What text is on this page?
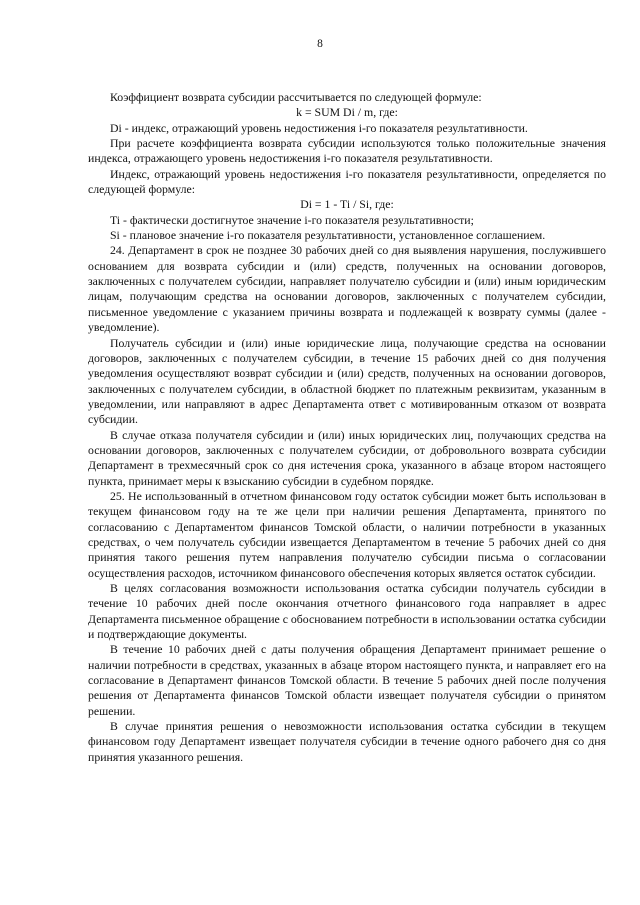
8

Коэффициент возврата субсидии рассчитывается по следующей формуле:

k = SUM Di / m, где:

Di - индекс, отражающий уровень недостижения i-го показателя результативности.

При расчете коэффициента возврата субсидии используются только положительные значения индекса, отражающего уровень недостижения i-го показателя результативности.

Индекс, отражающий уровень недостижения i-го показателя результативности, определяется по следующей формуле:

Di = 1 - Ti / Si, где:

Ti - фактически достигнутое значение i-го показателя результативности;

Si - плановое значение i-го показателя результативности, установленное соглашением.

24. Департамент в срок не позднее 30 рабочих дней со дня выявления нарушения, послужившего основанием для возврата субсидии и (или) средств, полученных на основании договоров, заключенных с получателем субсидии, направляет получателю субсидии и (или) иным юридическим лицам, получающим средства на основании договоров, заключенных с получателем субсидии, письменное уведомление с указанием причины возврата и подлежащей к возврату суммы (далее - уведомление).

Получатель субсидии и (или) иные юридические лица, получающие средства на основании договоров, заключенных с получателем субсидии, в течение 15 рабочих дней со дня получения уведомления осуществляют возврат субсидии и (или) средств, полученных на основании договоров, заключенных с получателем субсидии, в областной бюджет по платежным реквизитам, указанным в уведомлении, или направляют в адрес Департамента ответ с мотивированным отказом от возврата субсидии.

В случае отказа получателя субсидии и (или) иных юридических лиц, получающих средства на основании договоров, заключенных с получателем субсидии, от добровольного возврата субсидии Департамент в трехмесячный срок со дня истечения срока, указанного в абзаце втором настоящего пункта, принимает меры к взысканию субсидии в судебном порядке.

25. Не использованный в отчетном финансовом году остаток субсидии может быть использован в текущем финансовом году на те же цели при наличии решения Департамента, принятого по согласованию с Департаментом финансов Томской области, о наличии потребности в указанных средствах, о чем получатель субсидии извещается Департаментом в течение 5 рабочих дней со дня принятия такого решения путем направления получателю субсидии письма о согласовании осуществления расходов, источником финансового обеспечения которых является остаток субсидии.

В целях согласования возможности использования остатка субсидии получатель субсидии в течение 10 рабочих дней после окончания отчетного финансового года направляет в адрес Департамента письменное обращение с обоснованием потребности в использовании остатка субсидии и подтверждающие документы.

В течение 10 рабочих дней с даты получения обращения Департамент принимает решение о наличии потребности в средствах, указанных в абзаце втором настоящего пункта, и направляет его на согласование в Департамент финансов Томской области. В течение 5 рабочих дней после получения решения от Департамента финансов Томской области извещает получателя субсидии о принятом решении.

В случае принятия решения о невозможности использования остатка субсидии в текущем финансовом году Департамент извещает получателя субсидии в течение одного рабочего дня со дня принятия указанного решения.
